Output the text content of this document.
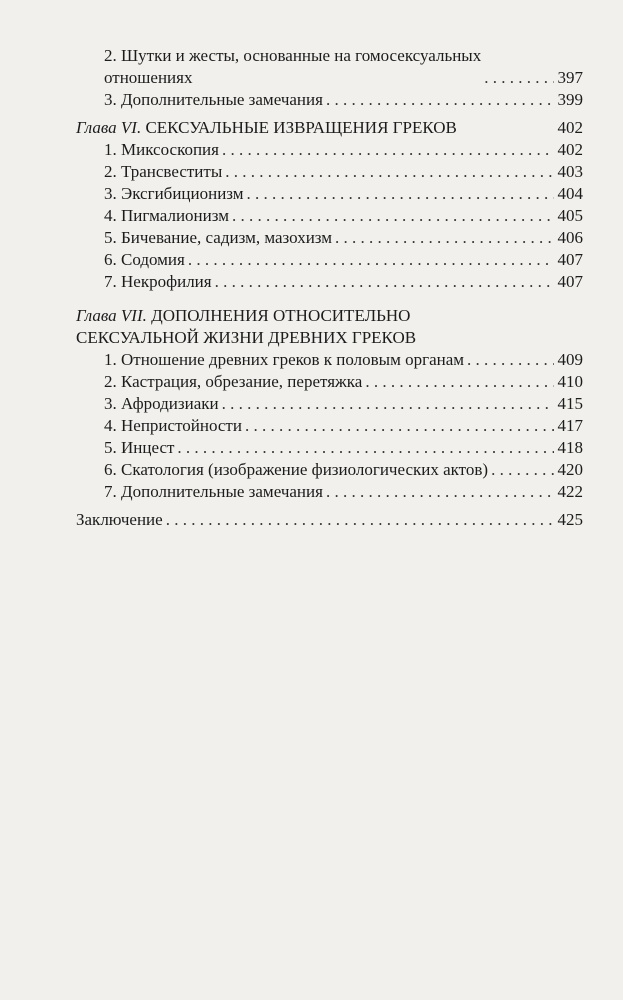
2. Шутки и жесты, основанные на гомосексуальных
отношениях . . .	397
3. Дополнительные замечания . . .	399
Глава VI.
СЕКСУАЛЬНЫЕ ИЗВРАЩЕНИЯ ГРЕКОВ	402
1. Миксоскопия . . .	402
2. Трансвеститы . . .	403
3. Эксгибиционизм . . .	404
4. Пигмалионизм . . .	405
5. Бичевание, садизм, мазохизм . . .	406
6. Содомия . . .	407
7. Некрофилия . . .	407
Глава VII. ДОПОЛНЕНИЯ ОТНОСИТЕЛЬНО
СЕКСУАЛЬНОЙ ЖИЗНИ ДРЕВНИХ ГРЕКОВ
1. Отношение древних греков к половым органам . . .	409
2. Кастрация, обрезание, перетяжка . . .	410
3. Афродизиаки . . .	415
4. Непристойности . . .	417
5. Инцест . . .	418
6. Скатология (изображение физиологических актов) . . .	420
7. Дополнительные замечания . . .	422
Заключение . . .	425
